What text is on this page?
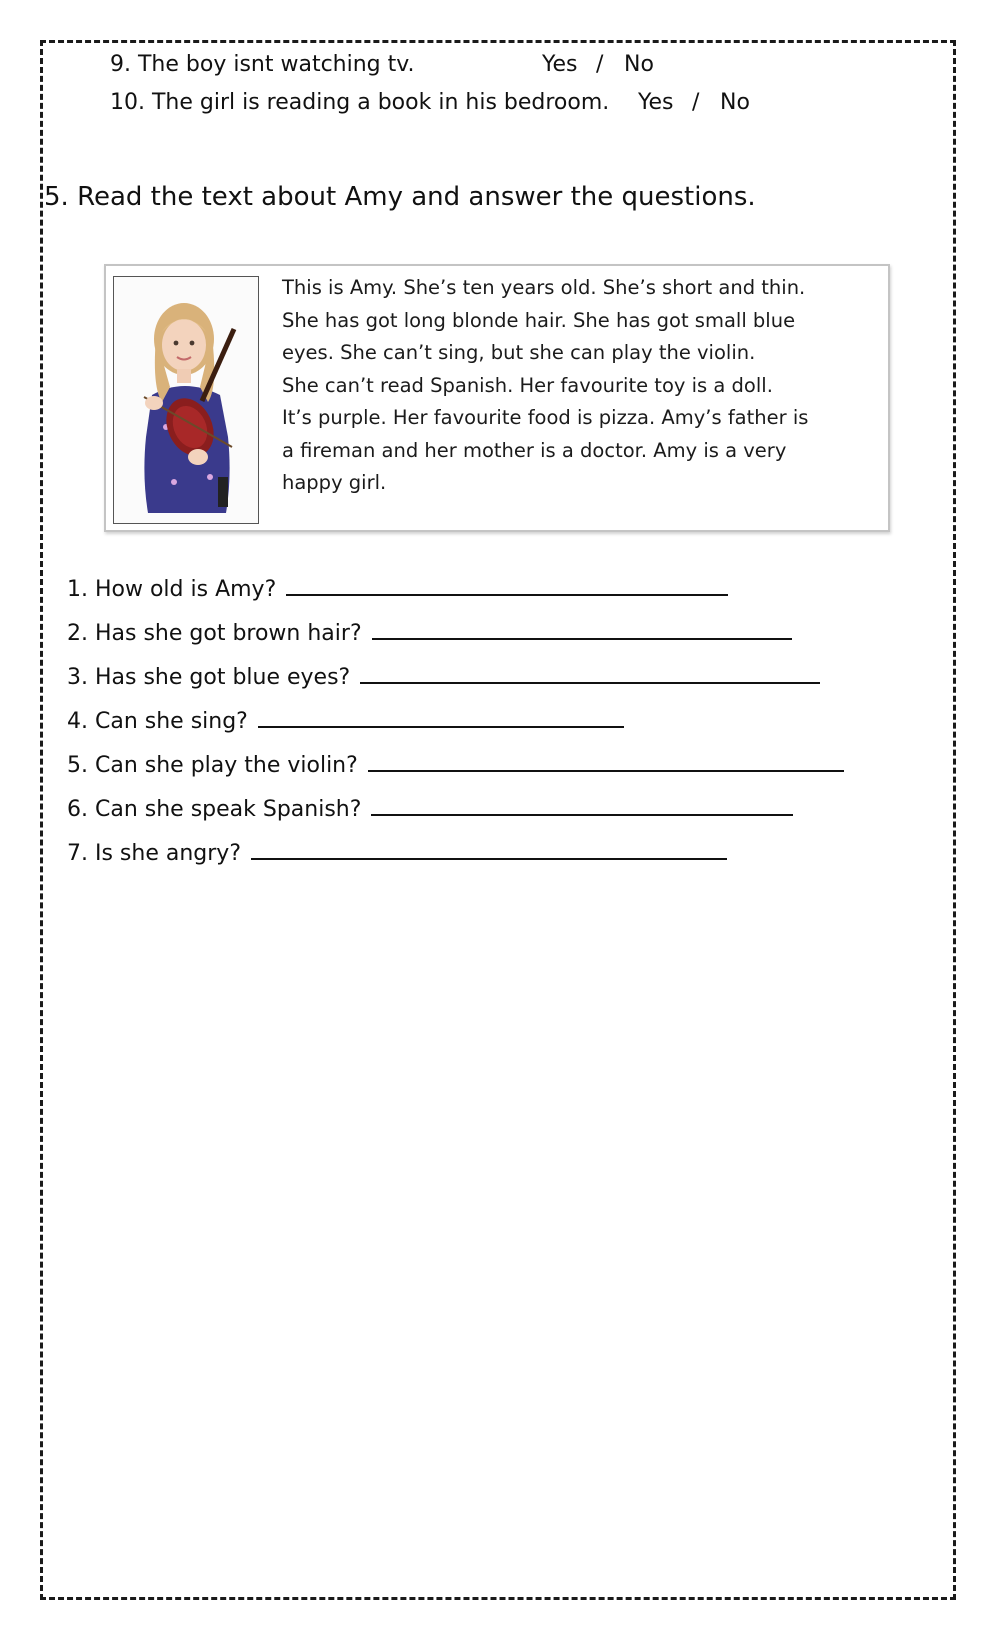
9. The boy isnt watching tv.	Yes / No
10. The girl is reading a book in his bedroom. Yes / No
5. Read the text about Amy and answer the questions.
This is Amy. She’s ten years old. She’s short and thin.
She has got long blonde hair. She has got small blue
eyes. She can’t sing, but she can play the violin.
She can’t read Spanish. Her favourite toy is a doll.
It’s purple. Her favourite food is pizza. Amy’s father is
a fireman and her mother is a doctor. Amy is a very
happy girl.
1. How old is Amy?
2. Has she got brown hair?
3. Has she got blue eyes?
4. Can she sing?
5. Can she play the violin?
6. Can she speak Spanish?
7. Is she angry?
